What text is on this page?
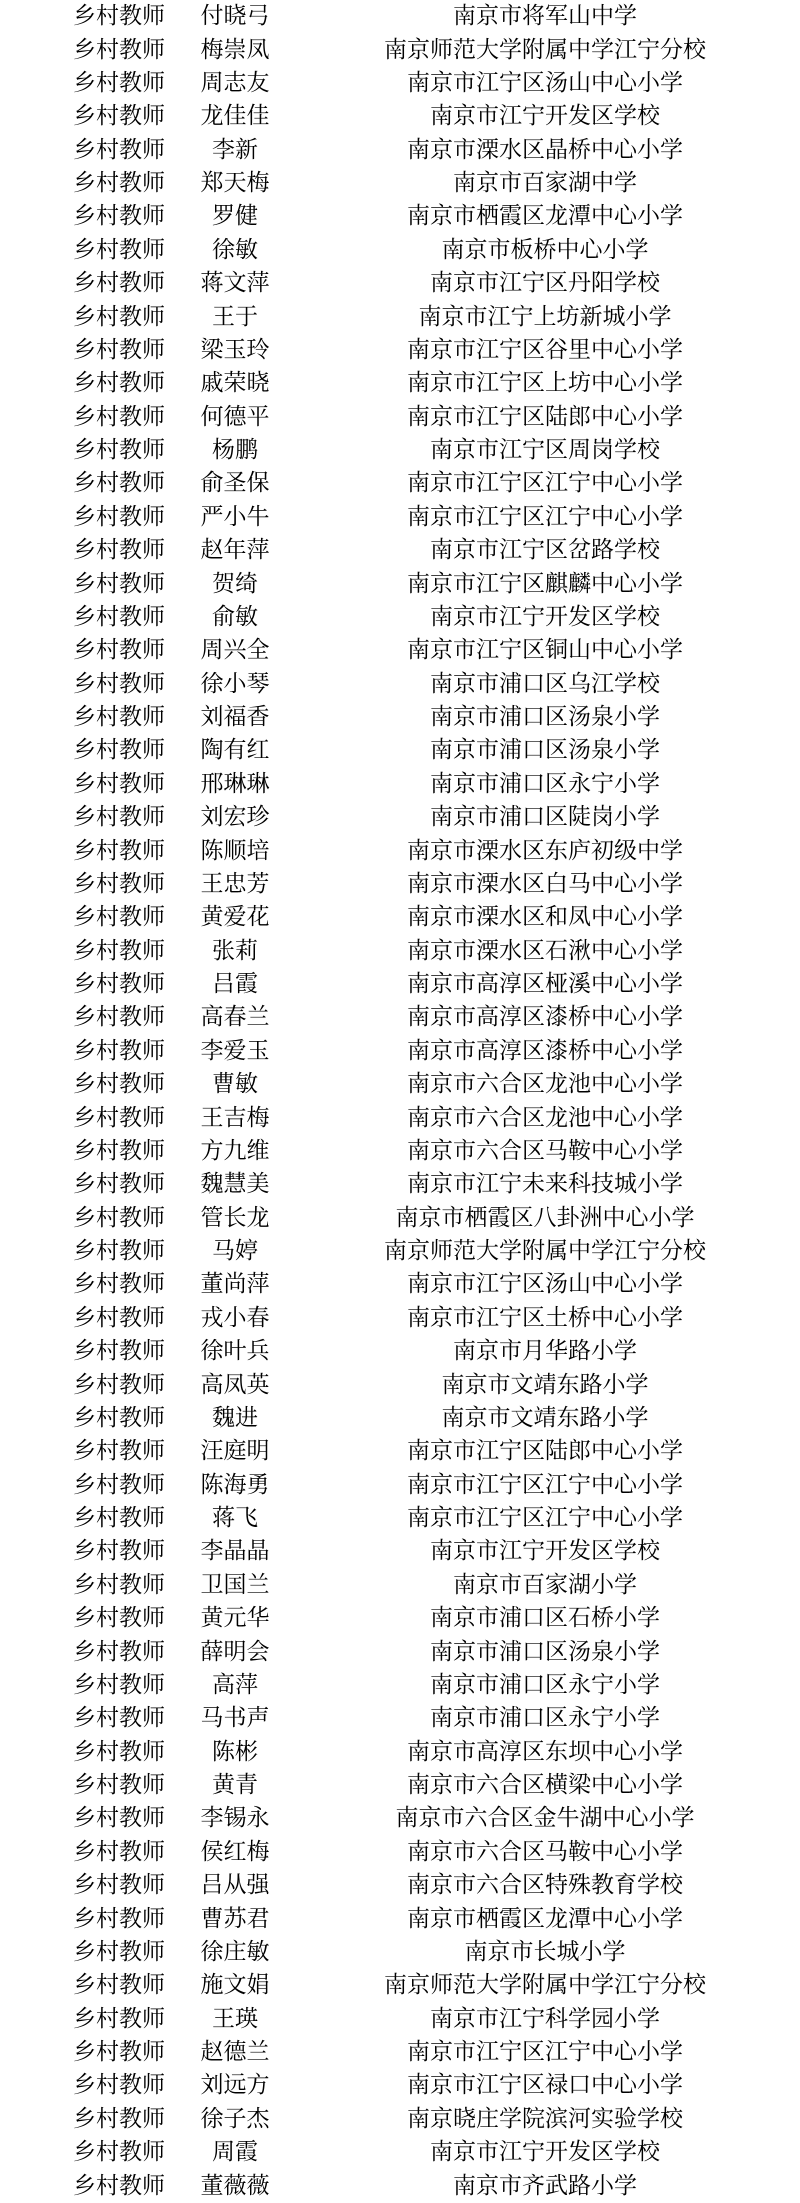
乡村教师	付晓弓	南京市将军山中学
乡村教师	梅崇凤	南京师范大学附属中学江宁分校
乡村教师	周志友	南京市江宁区汤山中心小学
乡村教师	龙佳佳	南京市江宁开发区学校
乡村教师	李新	南京市溧水区晶桥中心小学
乡村教师	郑天梅	南京市百家湖中学
乡村教师	罗健	南京市栖霞区龙潭中心小学
乡村教师	徐敏	南京市板桥中心小学
乡村教师	蒋文萍	南京市江宁区丹阳学校
乡村教师	王于	南京市江宁上坊新城小学
乡村教师	梁玉玲	南京市江宁区谷里中心小学
乡村教师	戚荣晓	南京市江宁区上坊中心小学
乡村教师	何德平	南京市江宁区陆郎中心小学
乡村教师	杨鹏	南京市江宁区周岗学校
乡村教师	俞圣保	南京市江宁区江宁中心小学
乡村教师	严小牛	南京市江宁区江宁中心小学
乡村教师	赵年萍	南京市江宁区岔路学校
乡村教师	贺绮	南京市江宁区麒麟中心小学
乡村教师	俞敏	南京市江宁开发区学校
乡村教师	周兴全	南京市江宁区铜山中心小学
乡村教师	徐小琴	南京市浦口区乌江学校
乡村教师	刘福香	南京市浦口区汤泉小学
乡村教师	陶有红	南京市浦口区汤泉小学
乡村教师	邢琳琳	南京市浦口区永宁小学
乡村教师	刘宏珍	南京市浦口区陡岗小学
乡村教师	陈顺培	南京市溧水区东庐初级中学
乡村教师	王忠芳	南京市溧水区白马中心小学
乡村教师	黄爱花	南京市溧水区和凤中心小学
乡村教师	张莉	南京市溧水区石湫中心小学
乡村教师	吕霞	南京市高淳区桠溪中心小学
乡村教师	高春兰	南京市高淳区漆桥中心小学
乡村教师	李爱玉	南京市高淳区漆桥中心小学
乡村教师	曹敏	南京市六合区龙池中心小学
乡村教师	王吉梅	南京市六合区龙池中心小学
乡村教师	方九维	南京市六合区马鞍中心小学
乡村教师	魏慧美	南京市江宁未来科技城小学
乡村教师	管长龙	南京市栖霞区八卦洲中心小学
乡村教师	马婷	南京师范大学附属中学江宁分校
乡村教师	董尚萍	南京市江宁区汤山中心小学
乡村教师	戎小春	南京市江宁区土桥中心小学
乡村教师	徐叶兵	南京市月华路小学
乡村教师	高凤英	南京市文靖东路小学
乡村教师	魏进	南京市文靖东路小学
乡村教师	汪庭明	南京市江宁区陆郎中心小学
乡村教师	陈海勇	南京市江宁区江宁中心小学
乡村教师	蒋飞	南京市江宁区江宁中心小学
乡村教师	李晶晶	南京市江宁开发区学校
乡村教师	卫国兰	南京市百家湖小学
乡村教师	黄元华	南京市浦口区石桥小学
乡村教师	薛明会	南京市浦口区汤泉小学
乡村教师	高萍	南京市浦口区永宁小学
乡村教师	马书声	南京市浦口区永宁小学
乡村教师	陈彬	南京市高淳区东坝中心小学
乡村教师	黄青	南京市六合区横梁中心小学
乡村教师	李锡永	南京市六合区金牛湖中心小学
乡村教师	侯红梅	南京市六合区马鞍中心小学
乡村教师	吕从强	南京市六合区特殊教育学校
乡村教师	曹苏君	南京市栖霞区龙潭中心小学
乡村教师	徐庄敏	南京市长城小学
乡村教师	施文娟	南京师范大学附属中学江宁分校
乡村教师	王瑛	南京市江宁科学园小学
乡村教师	赵德兰	南京市江宁区江宁中心小学
乡村教师	刘远方	南京市江宁区禄口中心小学
乡村教师	徐子杰	南京晓庄学院滨河实验学校
乡村教师	周霞	南京市江宁开发区学校
乡村教师	董薇薇	南京市齐武路小学
